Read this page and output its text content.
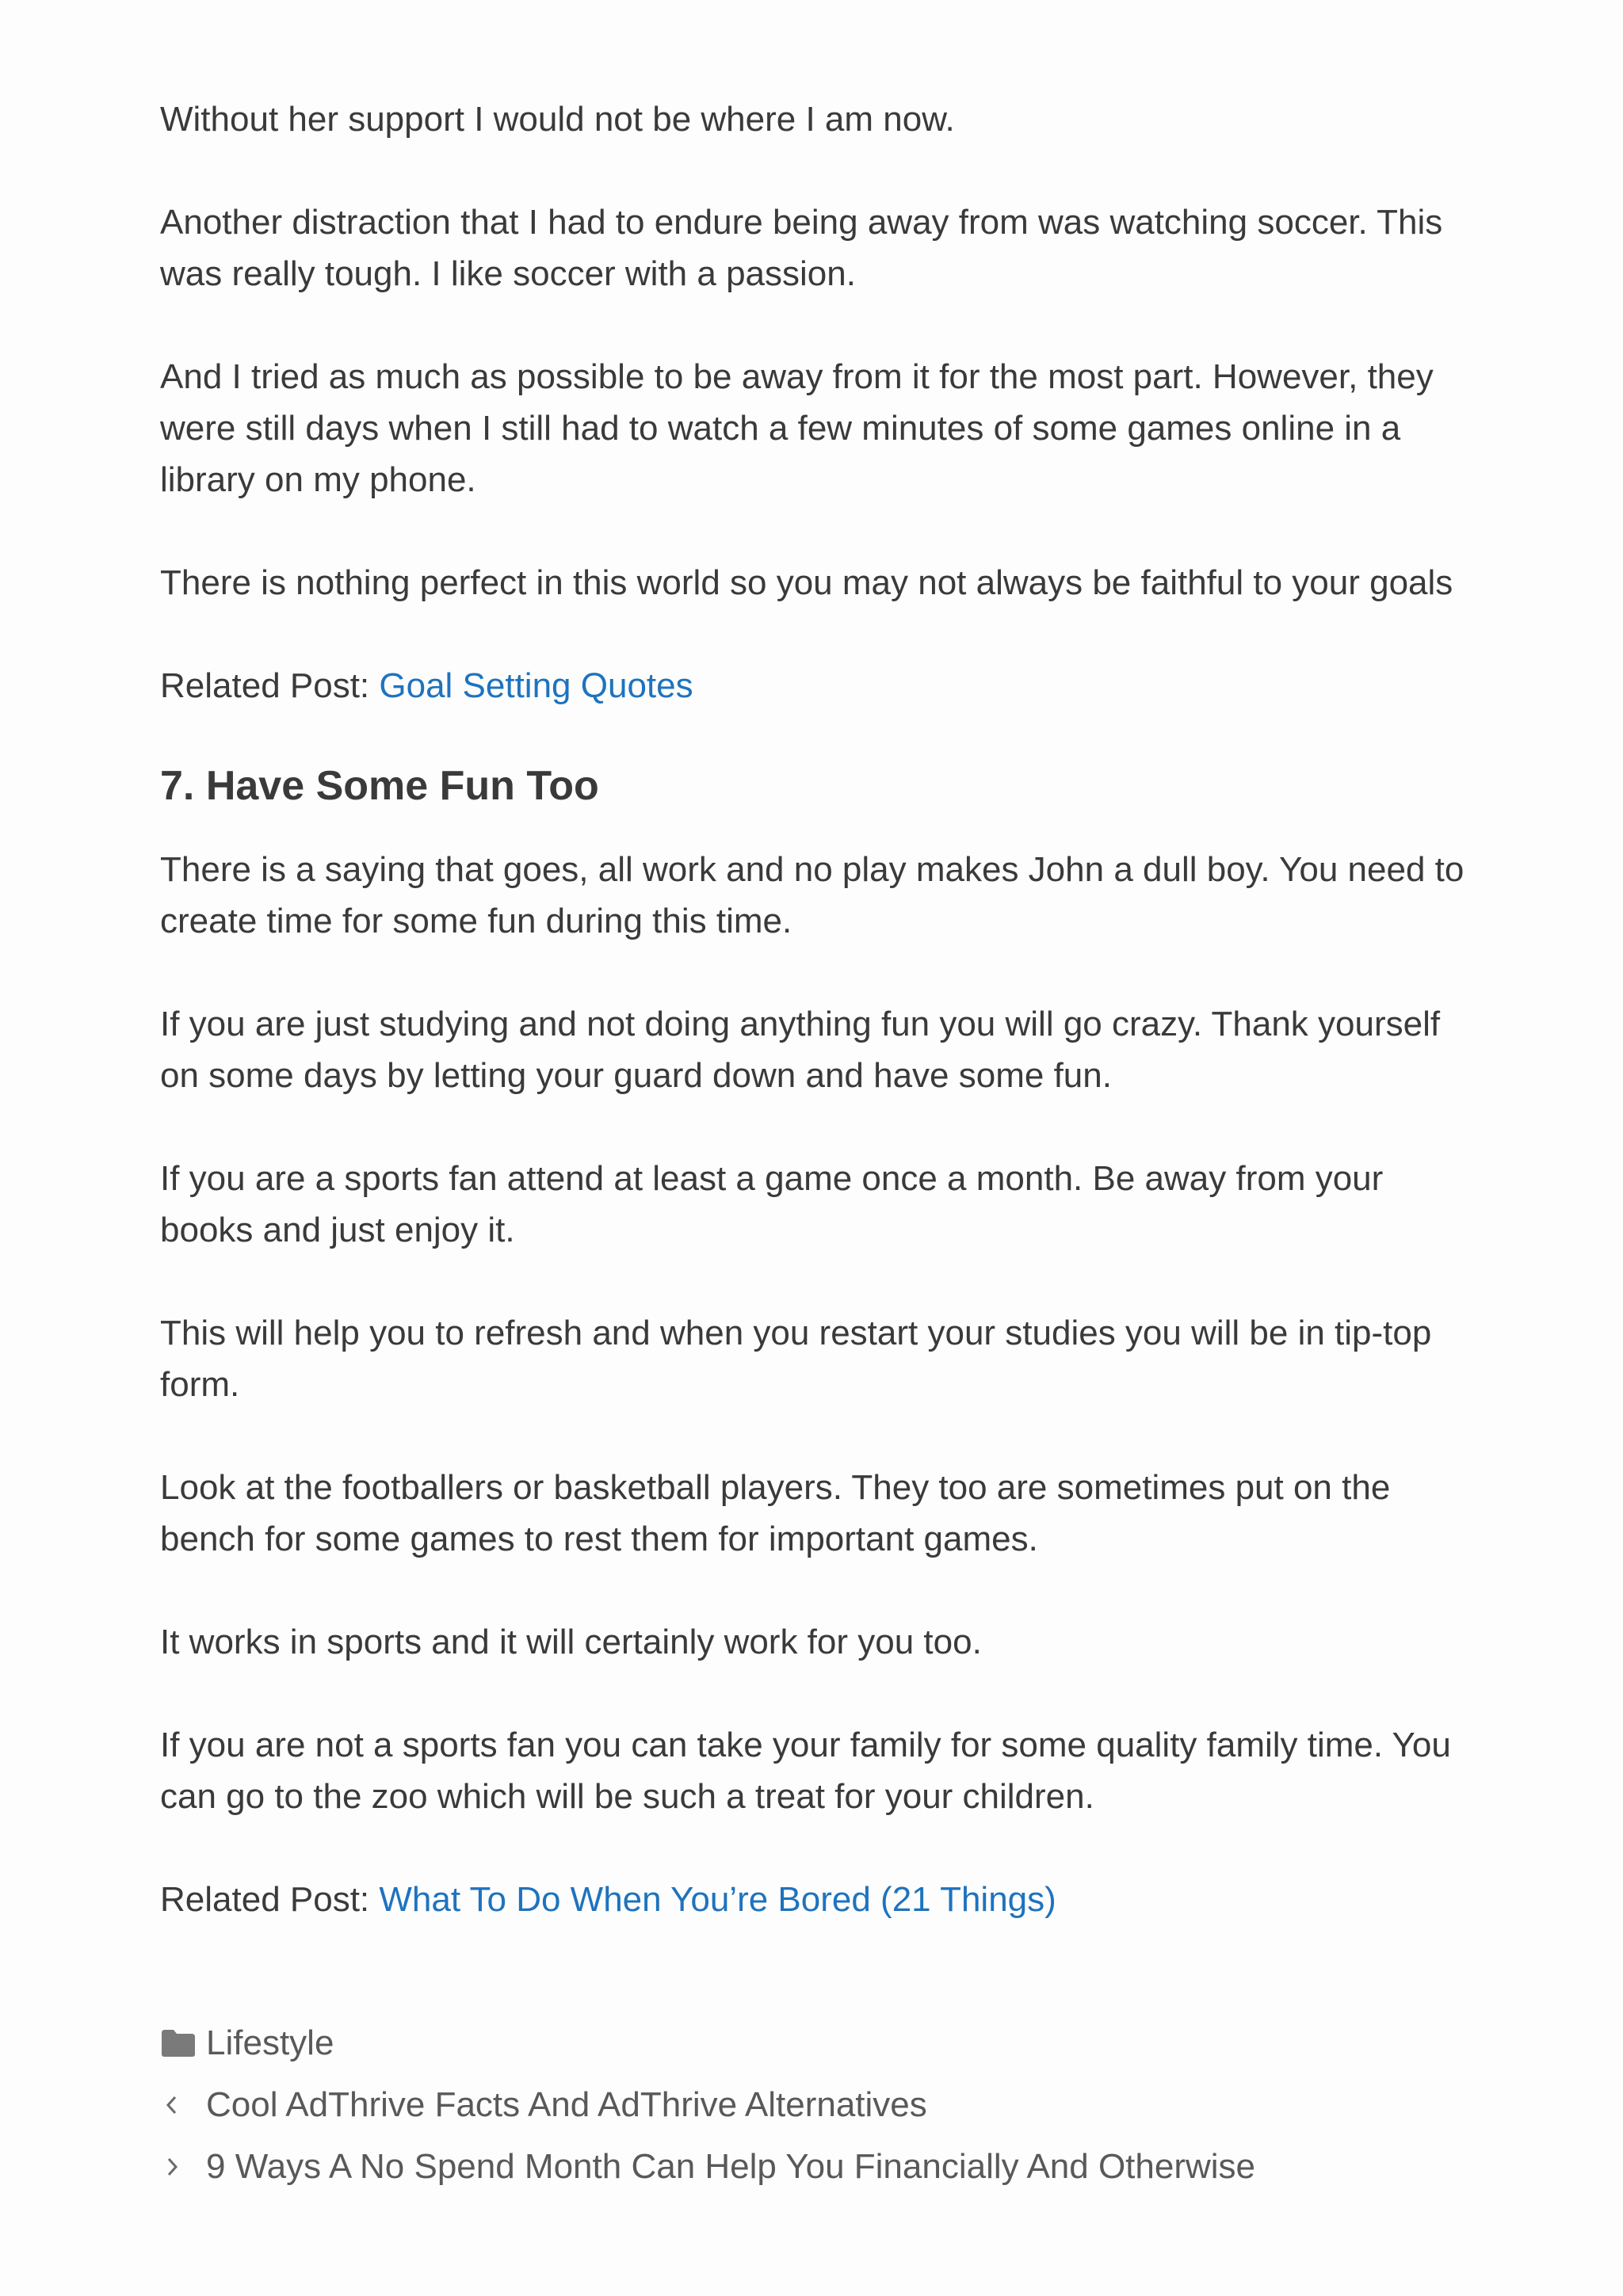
Without her support I would not be where I am now.

Another distraction that I had to endure being away from was watching soccer. This was really tough. I like soccer with a passion.

And I tried as much as possible to be away from it for the most part. However, they were still days when I still had to watch a few minutes of some games online in a library on my phone.

There is nothing perfect in this world so you may not always be faithful to your goals

Related Post: Goal Setting Quotes

7. Have Some Fun Too

There is a saying that goes, all work and no play makes John a dull boy. You need to create time for some fun during this time.

If you are just studying and not doing anything fun you will go crazy. Thank yourself on some days by letting your guard down and have some fun.

If you are a sports fan attend at least a game once a month. Be away from your books and just enjoy it.

This will help you to refresh and when you restart your studies you will be in tip-top form.

Look at the footballers or basketball players. They too are sometimes put on the bench for some games to rest them for important games.

It works in sports and it will certainly work for you too.

If you are not a sports fan you can take your family for some quality family time. You can go to the zoo which will be such a treat for your children.

Related Post: What To Do When You’re Bored (21 Things)

Lifestyle
Cool AdThrive Facts And AdThrive Alternatives
9 Ways A No Spend Month Can Help You Financially And Otherwise
